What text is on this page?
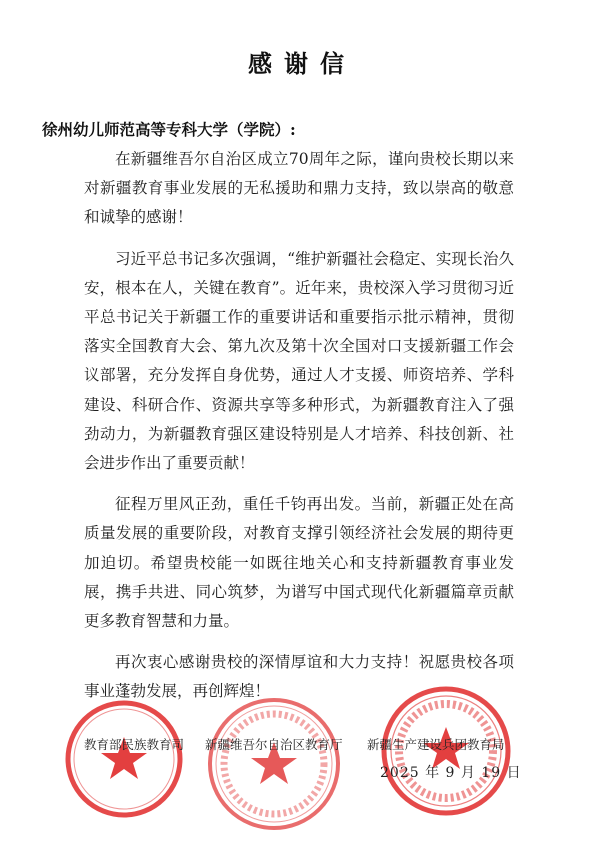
感谢信
徐州幼儿师范高等专科大学（学院）:

在新疆维吾尔自治区成立70周年之际，谨向贵校长期以来对新疆教育事业发展的无私援助和鼎力支持，致以崇高的敬意和诚挚的感谢！

习近平总书记多次强调，“维护新疆社会稳定、实现长治久安，根本在人，关键在教育”。近年来，贵校深入学习贯彻习近平总书记关于新疆工作的重要讲话和重要指示批示精神，贯彻落实全国教育大会、第九次及第十次全国对口支援新疆工作会议部署，充分发挥自身优势，通过人才支援、师资培养、学科建设、科研合作、资源共享等多种形式，为新疆教育注入了强劲动力，为新疆教育强区建设特别是人才培养、科技创新、社会进步作出了重要贡献！

征程万里风正劲，重任千钧再出发。当前，新疆正处在高质量发展的重要阶段，对教育支撑引领经济社会发展的期待更加迫切。希望贵校能一如既往地关心和支持新疆教育事业发展，携手共进、同心筑梦，为谱写中国式现代化新疆篇章贡献更多教育智慧和力量。

再次衷心感谢贵校的深情厚谊和大力支持！祝愿贵校各项事业蓬勃发展，再创辉煌！

教育部民族教育司 新疆维吾尔自治区教育厅 新疆生产建设兵团教育局
2025 年 9 月 19 日
